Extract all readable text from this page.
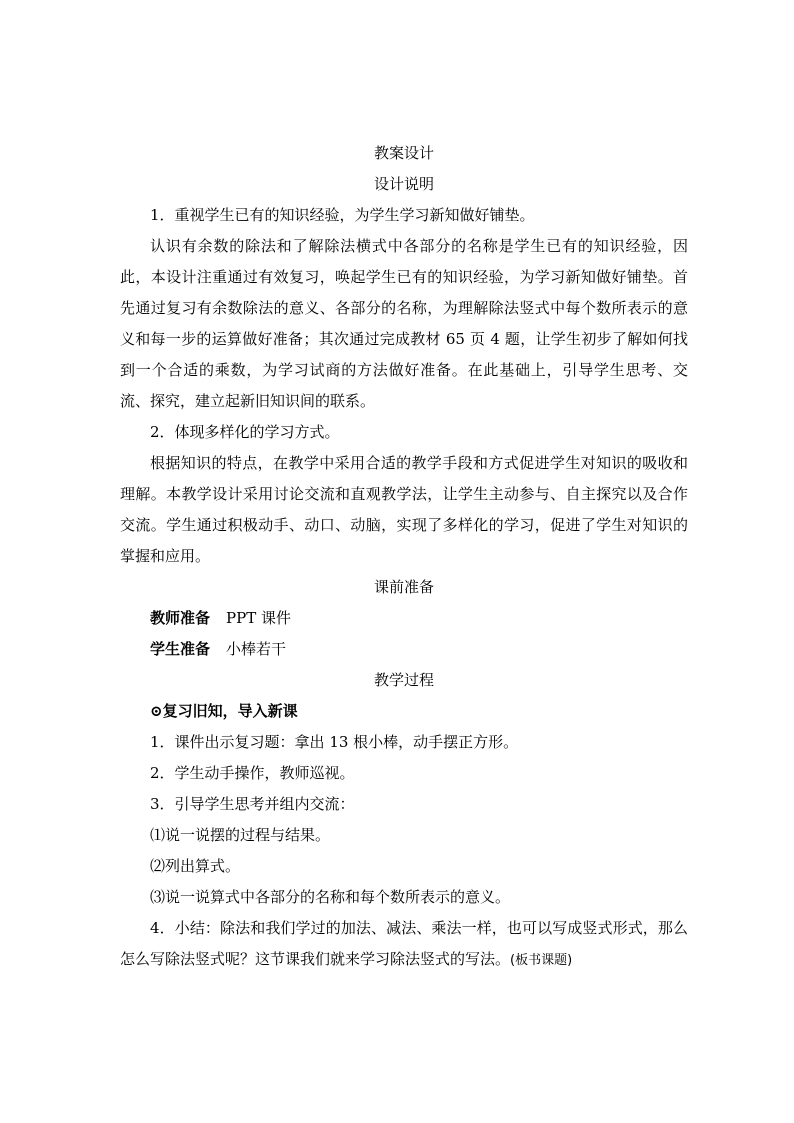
教案设计
设计说明
1．重视学生已有的知识经验，为学生学习新知做好铺垫。
认识有余数的除法和了解除法横式中各部分的名称是学生已有的知识经验，因此，本设计注重通过有效复习，唤起学生已有的知识经验，为学习新知做好铺垫。首先通过复习有余数除法的意义、各部分的名称，为理解除法竖式中每个数所表示的意义和每一步的运算做好准备；其次通过完成教材 65 页 4 题，让学生初步了解如何找到一个合适的乘数，为学习试商的方法做好准备。在此基础上，引导学生思考、交流、探究，建立起新旧知识间的联系。
2．体现多样化的学习方式。
根据知识的特点，在教学中采用合适的教学手段和方式促进学生对知识的吸收和理解。本教学设计采用讨论交流和直观教学法，让学生主动参与、自主探究以及合作交流。学生通过积极动手、动口、动脑，实现了多样化的学习，促进了学生对知识的掌握和应用。
课前准备
教师准备 PPT 课件
学生准备 小棒若干
教学过程
⊙复习旧知，导入新课
1．课件出示复习题：拿出 13 根小棒，动手摆正方形。
2．学生动手操作，教师巡视。
3．引导学生思考并组内交流：
⑴说一说摆的过程与结果。
⑵列出算式。
⑶说一说算式中各部分的名称和每个数所表示的意义。
4．小结：除法和我们学过的加法、减法、乘法一样，也可以写成竖式形式，那么怎么写除法竖式呢？这节课我们就来学习除法竖式的写法。(板书课题)
